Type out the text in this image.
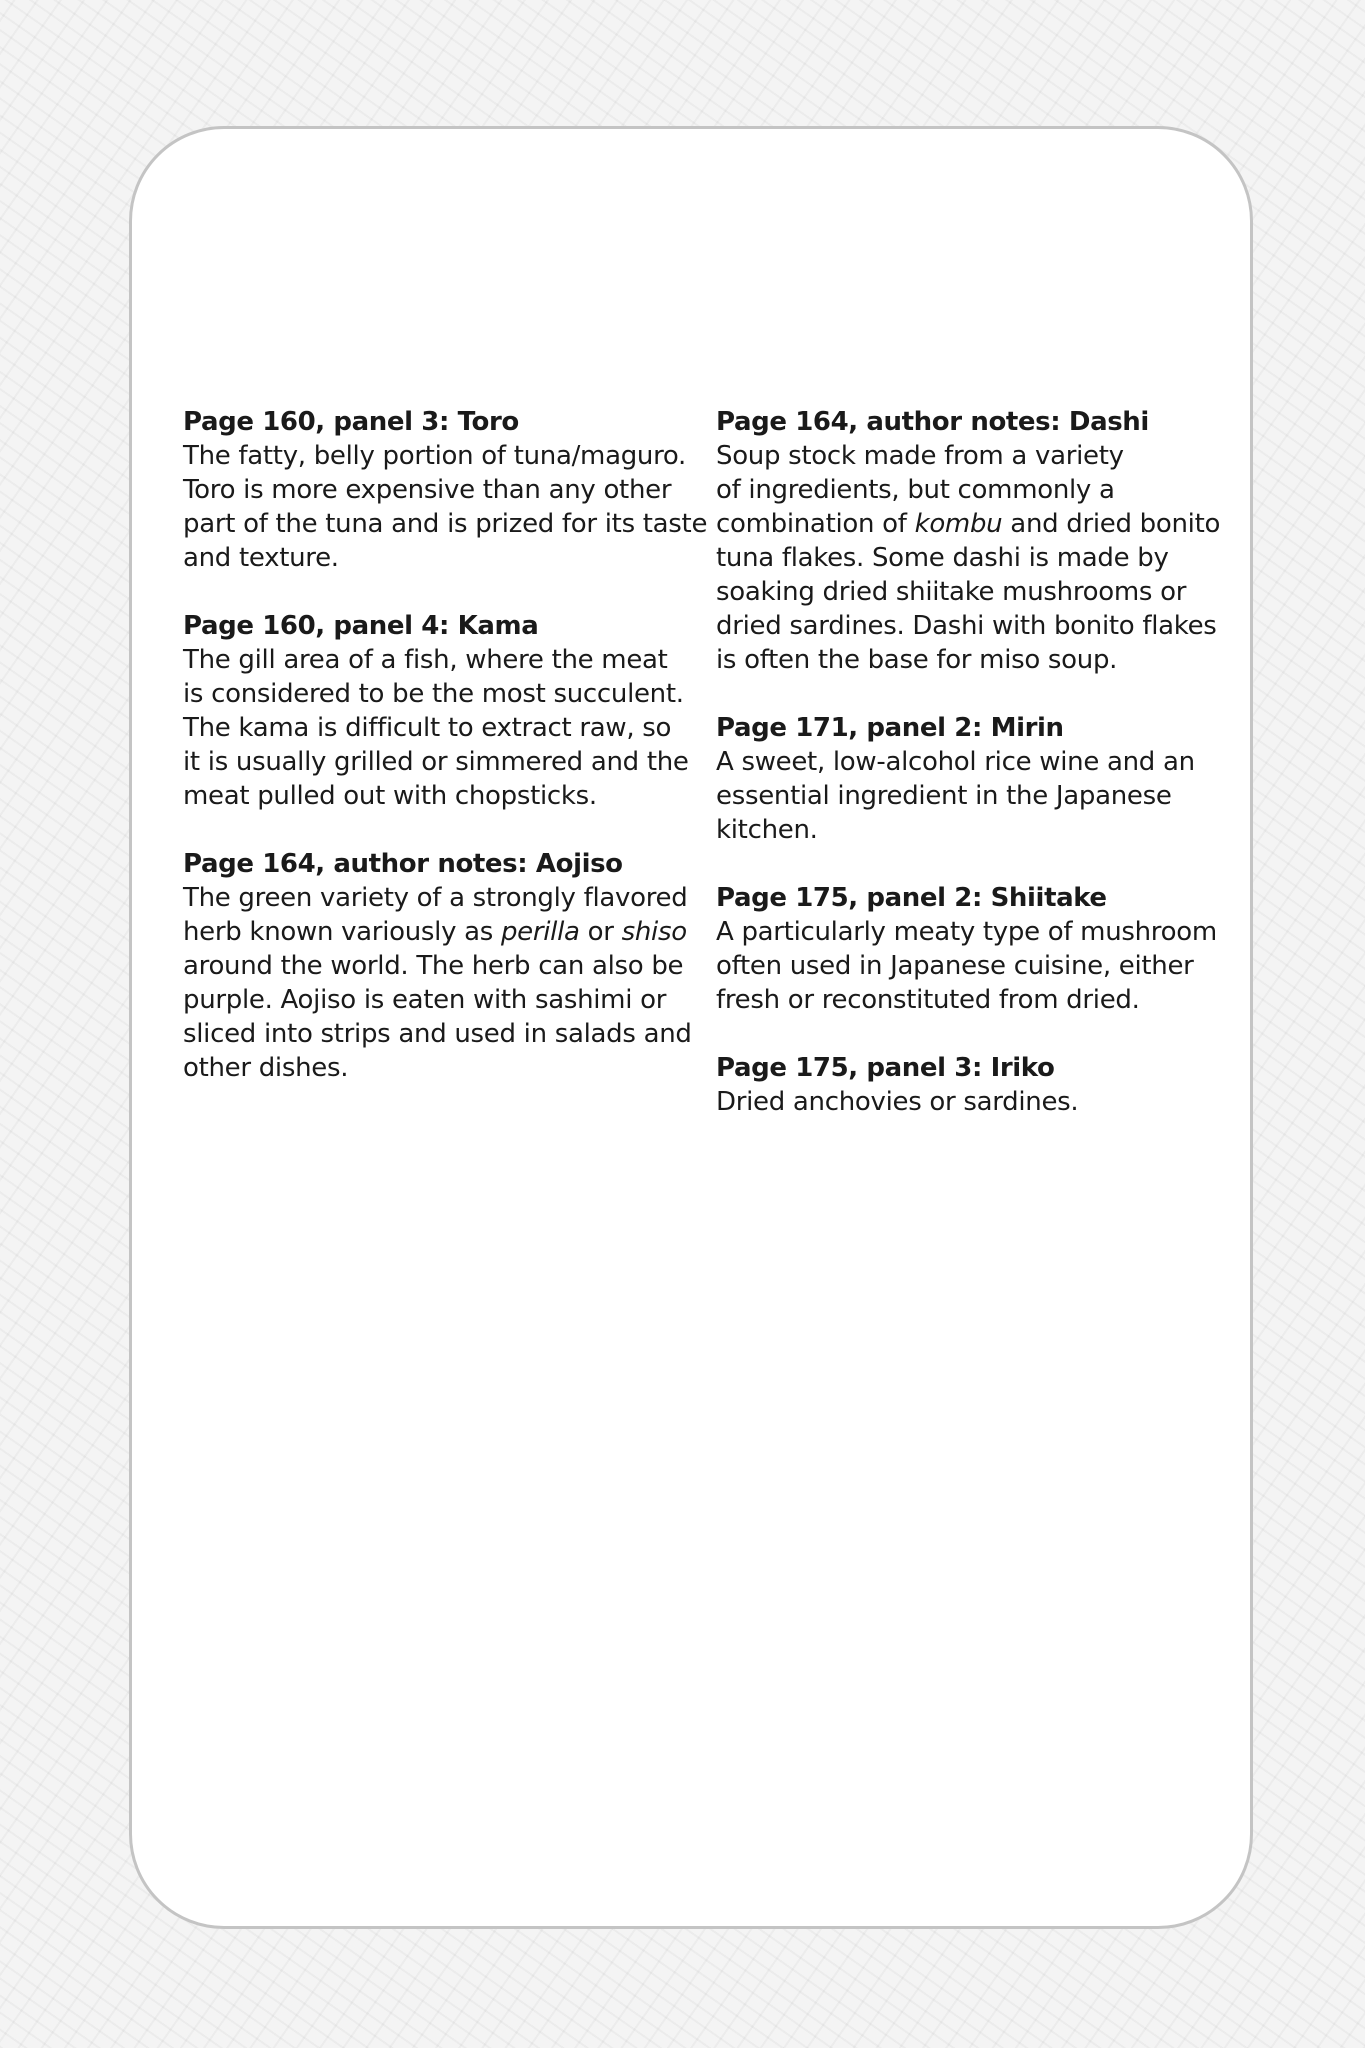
Page 160, panel 3: Toro
The fatty, belly portion of tuna/maguro.
Toro is more expensive than any other
part of the tuna and is prized for its taste
and texture.
Page 160, panel 4: Kama
The gill area of a fish, where the meat
is considered to be the most succulent.
The kama is difficult to extract raw, so
it is usually grilled or simmered and the
meat pulled out with chopsticks.
Page 164, author notes: Aojiso
The green variety of a strongly flavored
herb known variously as perilla or shiso
around the world. The herb can also be
purple. Aojiso is eaten with sashimi or
sliced into strips and used in salads and
other dishes.
Page 164, author notes: Dashi
Soup stock made from a variety
of ingredients, but commonly a
combination of kombu and dried bonito
tuna flakes. Some dashi is made by
soaking dried shiitake mushrooms or
dried sardines. Dashi with bonito flakes
is often the base for miso soup.
Page 171, panel 2: Mirin
A sweet, low-alcohol rice wine and an
essential ingredient in the Japanese
kitchen.
Page 175, panel 2: Shiitake
A particularly meaty type of mushroom
often used in Japanese cuisine, either
fresh or reconstituted from dried.
Page 175, panel 3: Iriko
Dried anchovies or sardines.
